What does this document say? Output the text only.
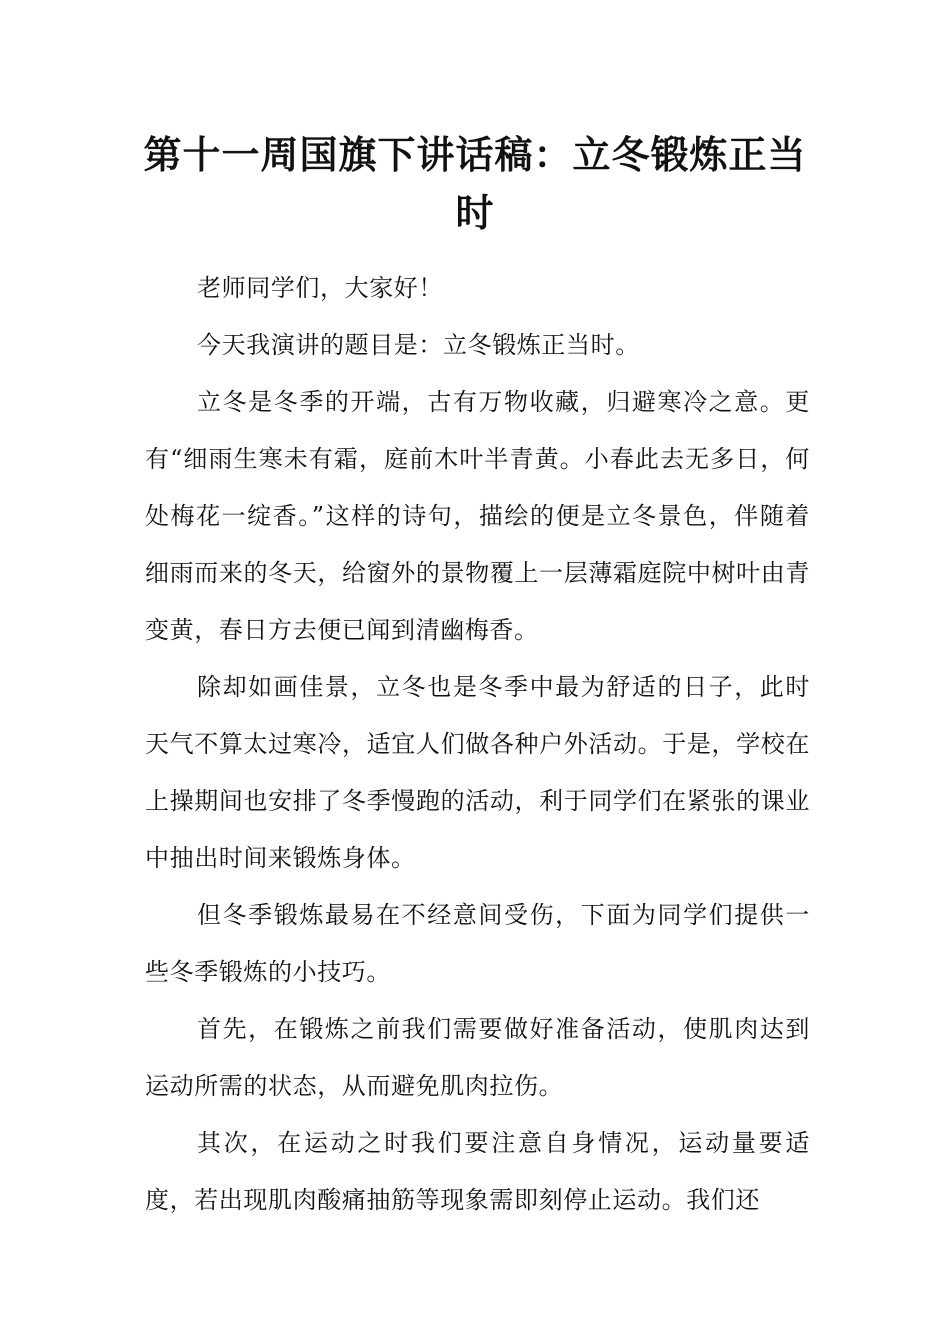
第十一周国旗下讲话稿：立冬锻炼正当时

老师同学们，大家好！

今天我演讲的题目是：立冬锻炼正当时。

立冬是冬季的开端，古有万物收藏，归避寒冷之意。更有“细雨生寒未有霜，庭前木叶半青黄。小春此去无多日，何处梅花一绽香。”这样的诗句，描绘的便是立冬景色，伴随着细雨而来的冬天，给窗外的景物覆上一层薄霜庭院中树叶由青变黄，春日方去便已闻到清幽梅香。

除却如画佳景，立冬也是冬季中最为舒适的日子，此时天气不算太过寒冷，适宜人们做各种户外活动。于是，学校在上操期间也安排了冬季慢跑的活动，利于同学们在紧张的课业中抽出时间来锻炼身体。

但冬季锻炼最易在不经意间受伤，下面为同学们提供一些冬季锻炼的小技巧。

首先，在锻炼之前我们需要做好准备活动，使肌肉达到运动所需的状态，从而避免肌肉拉伤。

其次，在运动之时我们要注意自身情况，运动量要适度，若出现肌肉酸痛抽筋等现象需即刻停止运动。我们还
